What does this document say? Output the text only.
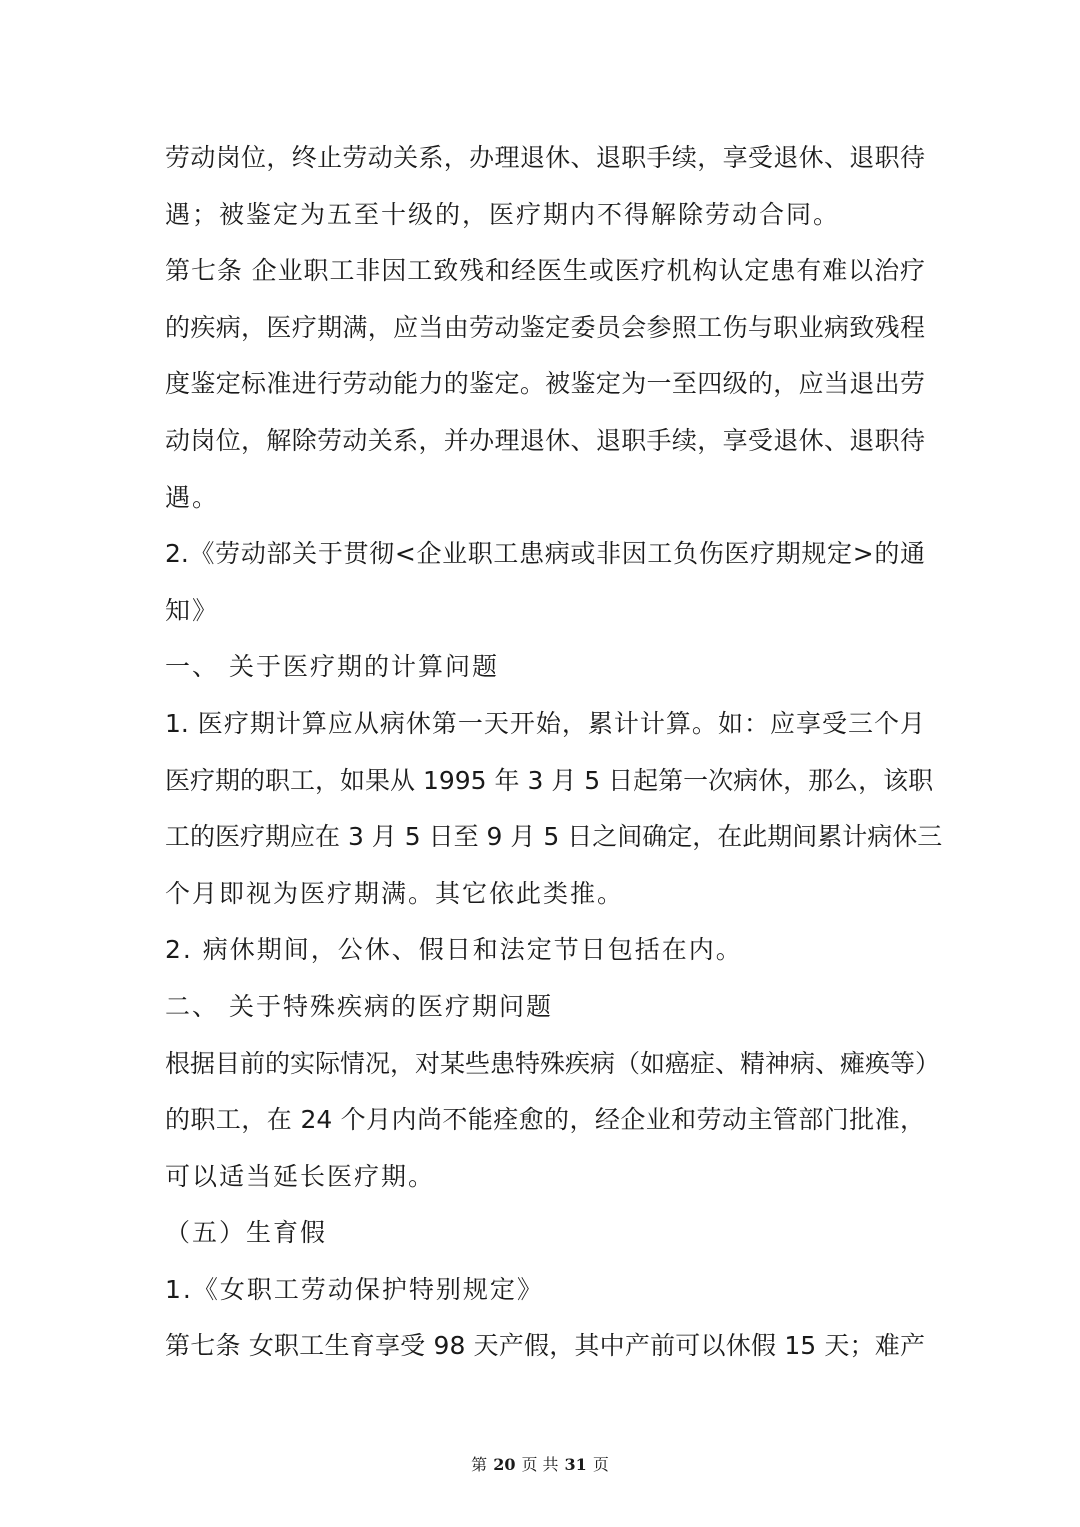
劳动岗位，终止劳动关系，办理退休、退职手续，享受退休、退职待
遇；被鉴定为五至十级的，医疗期内不得解除劳动合同。
第七条 企业职工非因工致残和经医生或医疗机构认定患有难以治疗
的疾病，医疗期满，应当由劳动鉴定委员会参照工伤与职业病致残程
度鉴定标准进行劳动能力的鉴定。被鉴定为一至四级的，应当退出劳
动岗位，解除劳动关系，并办理退休、退职手续，享受退休、退职待
遇。
2.《劳动部关于贯彻<企业职工患病或非因工负伤医疗期规定>的通
知》
一、 关于医疗期的计算问题
1. 医疗期计算应从病休第一天开始，累计计算。如：应享受三个月
医疗期的职工，如果从 1995 年 3 月 5 日起第一次病休，那么，该职
工的医疗期应在 3 月 5 日至 9 月 5 日之间确定，在此期间累计病休三
个月即视为医疗期满。其它依此类推。
2. 病休期间，公休、假日和法定节日包括在内。
二、 关于特殊疾病的医疗期问题
根据目前的实际情况，对某些患特殊疾病（如癌症、精神病、瘫痪等）
的职工，在 24 个月内尚不能痊愈的，经企业和劳动主管部门批准，
可以适当延长医疗期。
（五）生育假
1.《女职工劳动保护特别规定》
第七条 女职工生育享受 98 天产假，其中产前可以休假 15 天；难产
第 20 页 共 31 页
